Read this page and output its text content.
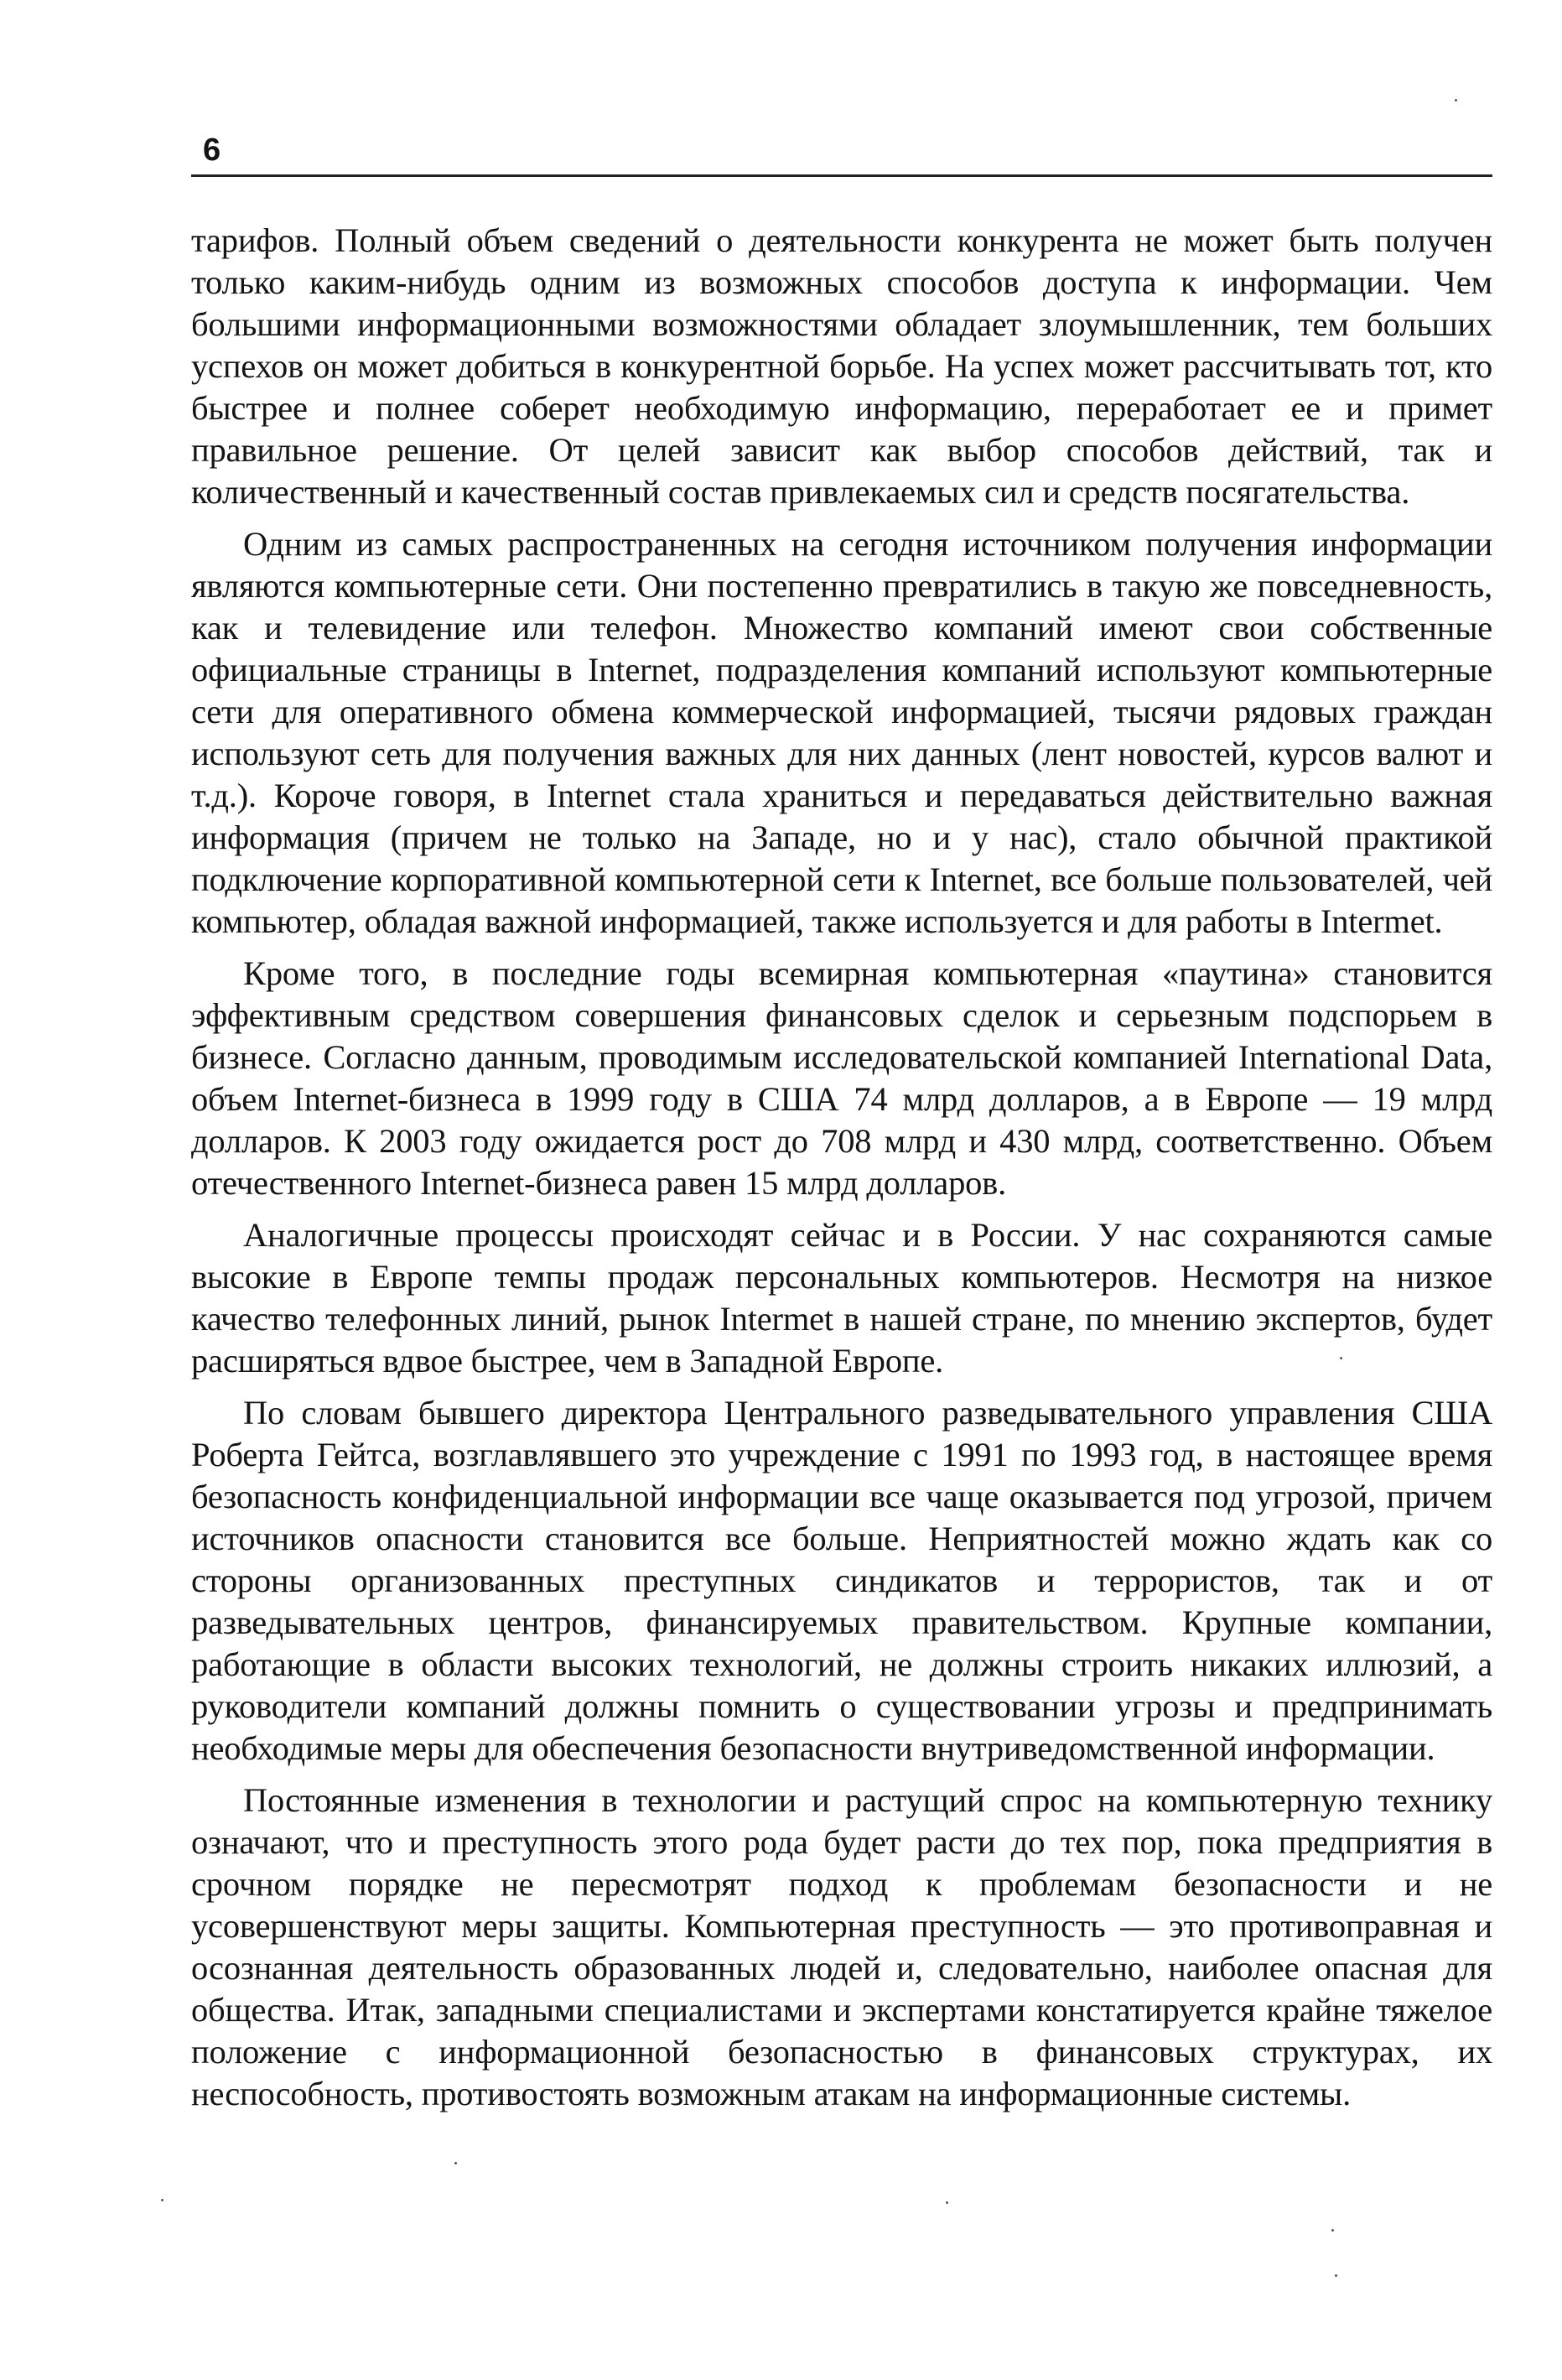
6

тарифов. Полный объем сведений о деятельности конкурента не может быть получен только каким-нибудь одним из возможных способов доступа к информации. Чем большими информационными возможностями обладает злоумышленник, тем больших успехов он может добиться в конкурентной борьбе. На успех может рассчитывать тот, кто быстрее и полнее соберет необходимую информацию, переработает ее и примет правильное решение. От целей зависит как выбор способов действий, так и количественный и качественный состав привлекаемых сил и средств посягательства.

Одним из самых распространенных на сегодня источником получения информации являются компьютерные сети. Они постепенно превратились в такую же повседневность, как и телевидение или телефон. Множество компаний имеют свои собственные официальные страницы в Internet, подразделения компаний используют компьютерные сети для оперативного обмена коммерческой информацией, тысячи рядовых граждан используют сеть для получения важных для них данных (лент новостей, курсов валют и т.д.). Короче говоря, в Internet стала храниться и передаваться действительно важная информация (причем не только на Западе, но и у нас), стало обычной практикой подключение корпоративной компьютерной сети к Internet, все больше пользователей, чей компьютер, обладая важной информацией, также используется и для работы в Intermet.

Кроме того, в последние годы всемирная компьютерная «паутина» становится эффективным средством совершения финансовых сделок и серьезным подспорьем в бизнесе. Согласно данным, проводимым исследовательской компанией International Data, объем Internet-бизнеса в 1999 году в США 74 млрд долларов, а в Европе — 19 млрд долларов. К 2003 году ожидается рост до 708 млрд и 430 млрд, соответственно. Объем отечественного Internet-бизнеса равен 15 млрд долларов.

Аналогичные процессы происходят сейчас и в России. У нас сохраняются самые высокие в Европе темпы продаж персональных компьютеров. Несмотря на низкое качество телефонных линий, рынок Intermet в нашей стране, по мнению экспертов, будет расширяться вдвое быстрее, чем в Западной Европе.

По словам бывшего директора Центрального разведывательного управления США Роберта Гейтса, возглавлявшего это учреждение с 1991 по 1993 год, в настоящее время безопасность конфиденциальной информации все чаще оказывается под угрозой, причем источников опасности становится все больше. Неприятностей можно ждать как со стороны организованных преступных синдикатов и террористов, так и от разведывательных центров, финансируемых правительством. Крупные компании, работающие в области высоких технологий, не должны строить никаких иллюзий, а руководители компаний должны помнить о существовании угрозы и предпринимать необходимые меры для обеспечения безопасности внутриведомственной информации.

Постоянные изменения в технологии и растущий спрос на компьютерную технику означают, что и преступность этого рода будет расти до тех пор, пока предприятия в срочном порядке не пересмотрят подход к проблемам безопасности и не усовершенствуют меры защиты. Компьютерная преступность — это противоправная и осознанная деятельность образованных людей и, следовательно, наиболее опасная для общества. Итак, западными специалистами и экспертами констатируется крайне тяжелое положение с информационной безопасностью в финансовых структурах, их неспособность, противостоять возможным атакам на информационные системы.
